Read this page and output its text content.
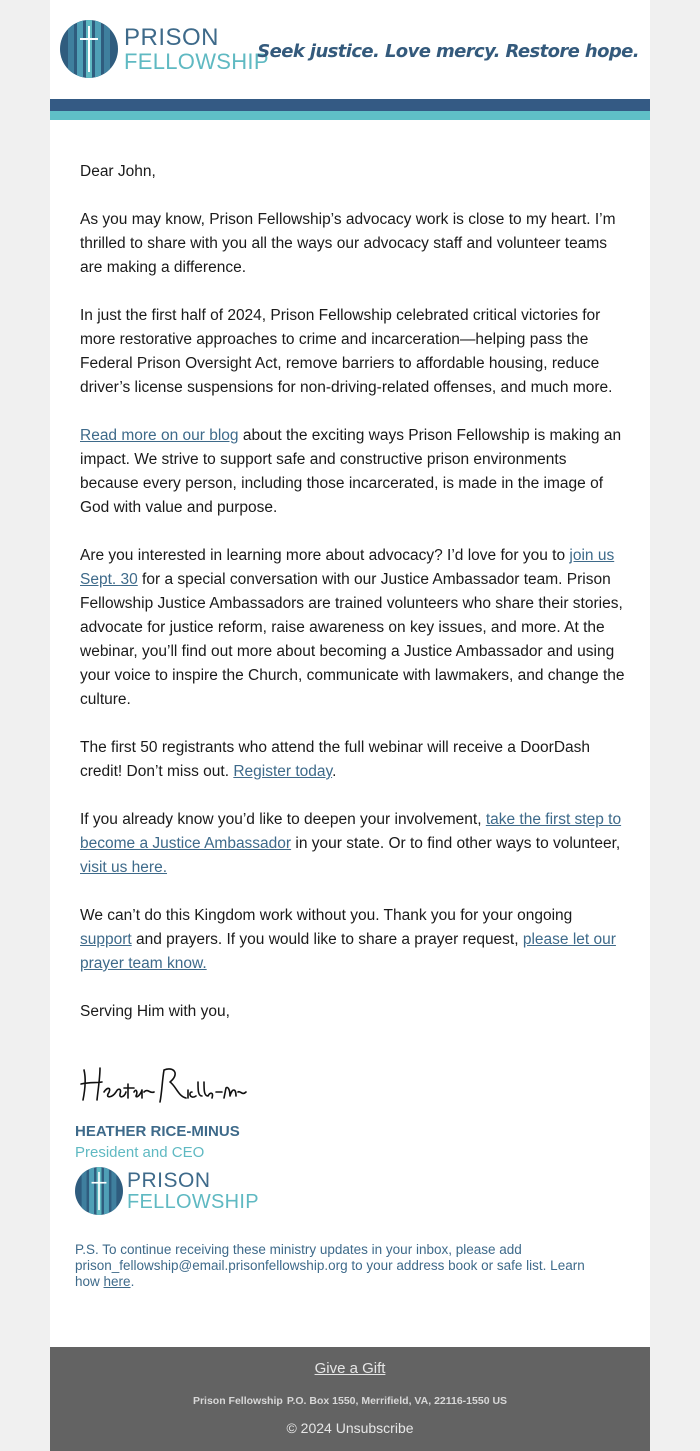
PRISON
FELLOWSHIP
Seek justice. Love mercy. Restore hope.

Dear John,

As you may know, Prison Fellowship’s advocacy work is close to my heart. I’m thrilled to share with you all the ways our advocacy staff and volunteer teams are making a difference.

In just the first half of 2024, Prison Fellowship celebrated critical victories for more restorative approaches to crime and incarceration—helping pass the Federal Prison Oversight Act, remove barriers to affordable housing, reduce driver’s license suspensions for non-driving-related offenses, and much more.

Read more on our blog about the exciting ways Prison Fellowship is making an impact. We strive to support safe and constructive prison environments because every person, including those incarcerated, is made in the image of God with value and purpose.

Are you interested in learning more about advocacy? I’d love for you to join us Sept. 30 for a special conversation with our Justice Ambassador team. Prison Fellowship Justice Ambassadors are trained volunteers who share their stories, advocate for justice reform, raise awareness on key issues, and more. At the webinar, you’ll find out more about becoming a Justice Ambassador and using your voice to inspire the Church, communicate with lawmakers, and change the culture.

The first 50 registrants who attend the full webinar will receive a DoorDash credit! Don’t miss out. Register today.

If you already know you’d like to deepen your involvement, take the first step to become a Justice Ambassador in your state. Or to find other ways to volunteer, visit us here.

We can’t do this Kingdom work without you. Thank you for your ongoing support and prayers. If you would like to share a prayer request, please let our prayer team know.

Serving Him with you,

HEATHER RICE-MINUS
President and CEO
PRISON
FELLOWSHIP
P.S. To continue receiving these ministry updates in your inbox, please add prison_fellowship@email.prisonfellowship.org to your address book or safe list. Learn how here.
Give a Gift
Prison Fellowship P.O. Box 1550, Merrifield, VA, 22116-1550 US
© 2024 Unsubscribe
